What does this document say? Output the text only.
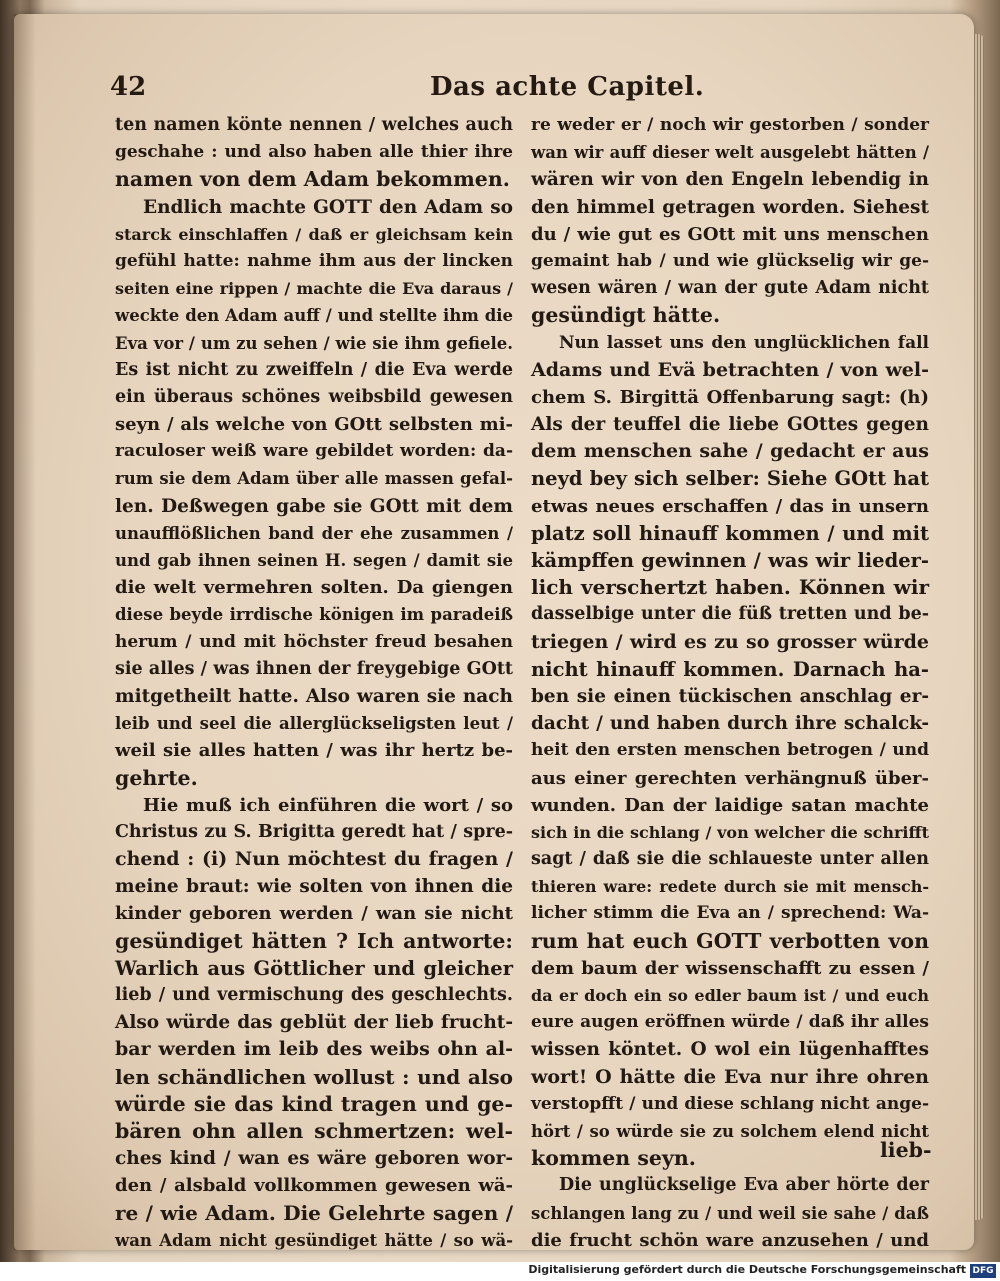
42	Das achte Capitel.
ten namen könte nennen / welches auch
geschahe : und also haben alle thier ihre
namen von dem Adam bekommen.
Endlich machte GOTT den Adam so
starck einschlaffen / daß er gleichsam kein
gefühl hatte: nahme ihm aus der lincken
seiten eine rippen / machte die Eva daraus /
weckte den Adam auff / und stellte ihm die
Eva vor / um zu sehen / wie sie ihm gefiele.
Es ist nicht zu zweiffeln / die Eva werde
ein überaus schönes weibsbild gewesen
seyn / als welche von GOtt selbsten mi-
raculoser weiß ware gebildet worden: da-
rum sie dem Adam über alle massen gefal-
len. Deßwegen gabe sie GOtt mit dem
unaufflößlichen band der ehe zusammen /
und gab ihnen seinen H. segen / damit sie
die welt vermehren solten. Da giengen
diese beyde irrdische königen im paradeiß
herum / und mit höchster freud besahen
sie alles / was ihnen der freygebige GOtt
mitgetheilt hatte. Also waren sie nach
leib und seel die allerglückseligsten leut /
weil sie alles hatten / was ihr hertz be-
gehrte.
Hie muß ich einführen die wort / so
Christus zu S. Brigitta geredt hat / spre-
chend : (i) Nun möchtest du fragen /
meine braut: wie solten von ihnen die
kinder geboren werden / wan sie nicht
gesündiget hätten ? Ich antworte:
Warlich aus Göttlicher und gleicher
lieb / und vermischung des geschlechts.
Also würde das geblüt der lieb frucht-
bar werden im leib des weibs ohn al-
len schändlichen wollust : und also
würde sie das kind tragen und ge-
bären ohn allen schmertzen: wel-
ches kind / wan es wäre geboren wor-
den / alsbald vollkommen gewesen wä-
re / wie Adam. Die Gelehrte sagen /
wan Adam nicht gesündiget hätte / so wä-
re weder er / noch wir gestorben / sonder
wan wir auff dieser welt ausgelebt hätten /
wären wir von den Engeln lebendig in
den himmel getragen worden. Siehest
du / wie gut es GOtt mit uns menschen
gemaint hab / und wie glückselig wir ge-
wesen wären / wan der gute Adam nicht
gesündigt hätte.
Nun lasset uns den unglücklichen fall
Adams und Evä betrachten / von wel-
chem S. Birgittä Offenbarung sagt: (h)
Als der teuffel die liebe GOttes gegen
dem menschen sahe / gedacht er aus
neyd bey sich selber: Siehe GOtt hat
etwas neues erschaffen / das in unsern
platz soll hinauff kommen / und mit
kämpffen gewinnen / was wir lieder-
lich verschertzt haben. Können wir
dasselbige unter die füß tretten und be-
triegen / wird es zu so grosser würde
nicht hinauff kommen. Darnach ha-
ben sie einen tückischen anschlag er-
dacht / und haben durch ihre schalck-
heit den ersten menschen betrogen / und
aus einer gerechten verhängnuß über-
wunden. Dan der laidige satan machte
sich in die schlang / von welcher die schrifft
sagt / daß sie die schlaueste unter allen
thieren ware: redete durch sie mit mensch-
licher stimm die Eva an / sprechend: Wa-
rum hat euch GOTT verbotten von
dem baum der wissenschafft zu essen /
da er doch ein so edler baum ist / und euch
eure augen eröffnen würde / daß ihr alles
wissen köntet. O wol ein lügenhafftes
wort! O hätte die Eva nur ihre ohren
verstopfft / und diese schlang nicht ange-
hört / so würde sie zu solchem elend nicht
kommen seyn.
Die unglückselige Eva aber hörte der
schlangen lang zu / und weil sie sahe / daß
die frucht schön ware anzusehen / und
lieb-
Digitalisierung gefördert durch die Deutsche Forschungsgemeinschaft DFG
